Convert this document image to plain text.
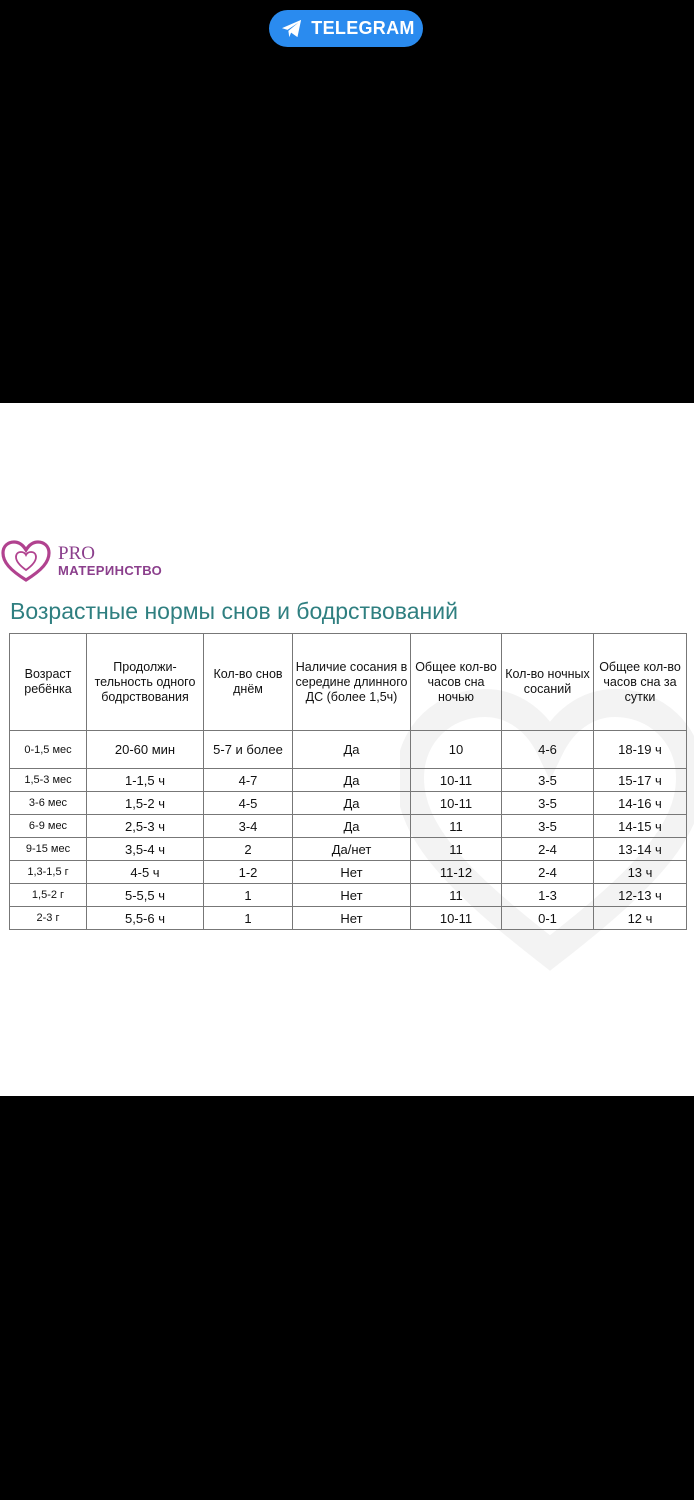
TELEGRAM
PRO
МАТЕРИНСТВО
Возрастные нормы снов и бодрствований
Возраст ребёнка	Продолжи-тельность одного бодрствования	Кол-во снов днём	Наличие сосания в середине длинного ДС (более 1,5ч)	Общее кол-во часов сна ночью	Кол-во ночных сосаний	Общее кол-во часов сна за сутки
0-1,5 мес	20-60 мин	5-7 и более	Да	10	4-6	18-19 ч
1,5-3 мес	1-1,5 ч	4-7	Да	10-11	3-5	15-17 ч
3-6 мес	1,5-2 ч	4-5	Да	10-11	3-5	14-16 ч
6-9 мес	2,5-3 ч	3-4	Да	11	3-5	14-15 ч
9-15 мес	3,5-4 ч	2	Да/нет	11	2-4	13-14 ч
1,3-1,5 г	4-5 ч	1-2	Нет	11-12	2-4	13 ч
1,5-2 г	5-5,5 ч	1	Нет	11	1-3	12-13 ч
2-3 г	5,5-6 ч	1	Нет	10-11	0-1	12 ч
